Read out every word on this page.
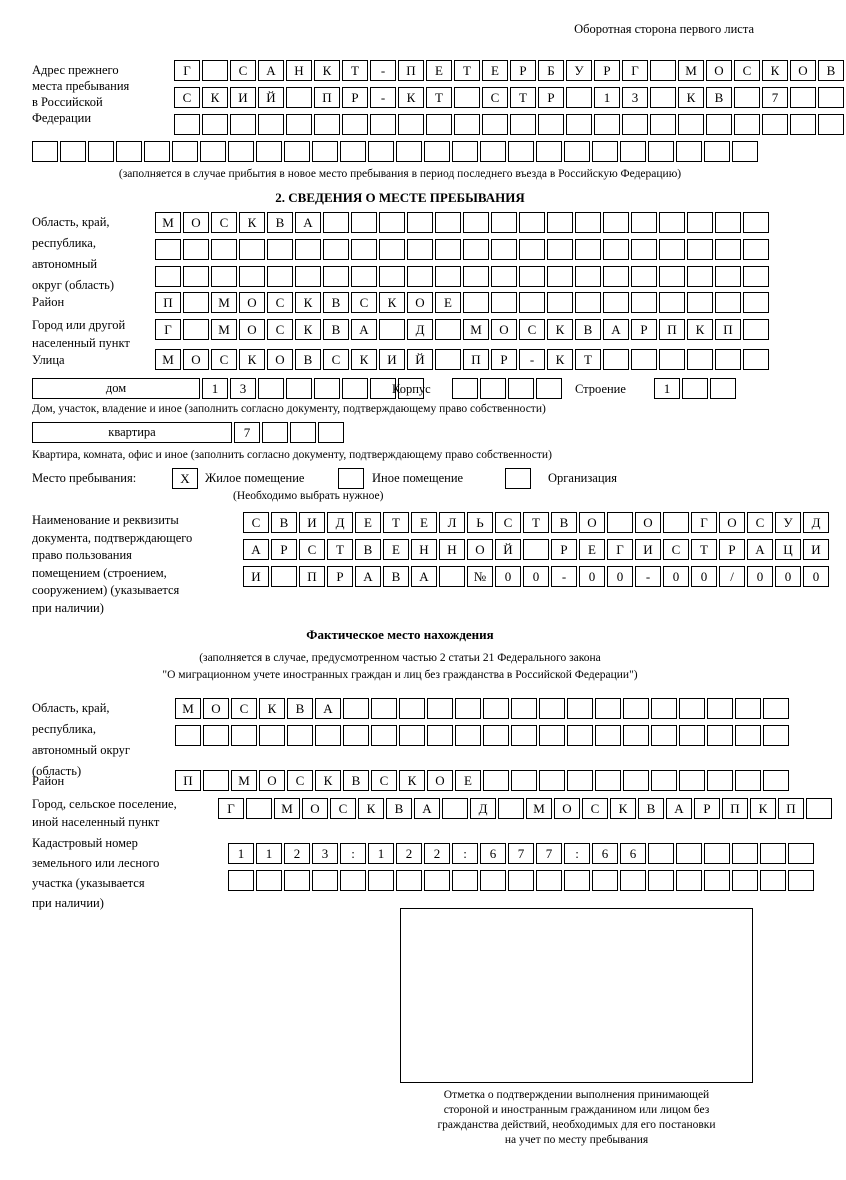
Оборотная сторона первого листа
Адрес прежнего
места пребывания
в Российской
Федерации
Г	С	А	Н	К	Т	-	П	Е	Т	Е	Р	Б	У	Р	Г	М	О	С	К	О	В
С	К	И	Й	П	Р	-	К	Т	С	Т	Р	1	3	К	В	7
(заполняется в случае прибытия в новое место пребывания в период последнего въезда в Российскую Федерацию)
2. СВЕДЕНИЯ О МЕСТЕ ПРЕБЫВАНИЯ
Область, край,
республика,
автономный
округ (область)
М	О	С	К	В	А
Район	П	М	О	С	К	В	С	К	О	Е
Город или другой
населенный пункт
Г	М	О	С	К	В	А	Д	М	О	С	К	В	А	Р	П	К	П
Улица	М	О	С	К	О	В	С	К	И	Й	П	Р	-	К	Т
дом	1	3	Корпус	Строение	1
Дом, участок, владение и иное (заполнить согласно документу, подтверждающему право собственности)
квартира	7
Квартира, комната, офис и иное (заполнить согласно документу, подтверждающему право собственности)
Место пребывания:	X	Жилое помещение	Иное помещение	Организация
(Необходимо выбрать нужное)
Наименование и реквизиты
документа, подтверждающего
право пользования
помещением (строением,
сооружением) (указывается
при наличии)
С	В	И	Д	Е	Т	Е	Л	Ь	С	Т	В	О	О	Г	О	С	У	Д
А	Р	С	Т	В	Е	Н	Н	О	Й	Р	Е	Г	И	С	Т	Р	А	Ц	И
И	П	Р	А	В	А	№	0	0	-	0	0	-	0	0	/	0	0	0
Фактическое место нахождения
(заполняется в случае, предусмотренном частью 2 статьи 21 Федерального закона
"О миграционном учете иностранных граждан и лиц без гражданства в Российской Федерации")
Область, край,
республика,
автономный округ
(область)
М	О	С	К	В	А
Район	П	М	О	С	К	В	С	К	О	Е
Город, сельское поселение,
иной населенный пункт
Г	М	О	С	К	В	А	Д	М	О	С	К	В	А	Р	П	К	П
Кадастровый номер
земельного или лесного
участка (указывается
при наличии)
1	1	2	3	:	1	2	2	:	6	7	7	:	6	6
Отметка о подтверждении выполнения принимающей
стороной и иностранным гражданином или лицом без
гражданства действий, необходимых для его постановки
на учет по месту пребывания
